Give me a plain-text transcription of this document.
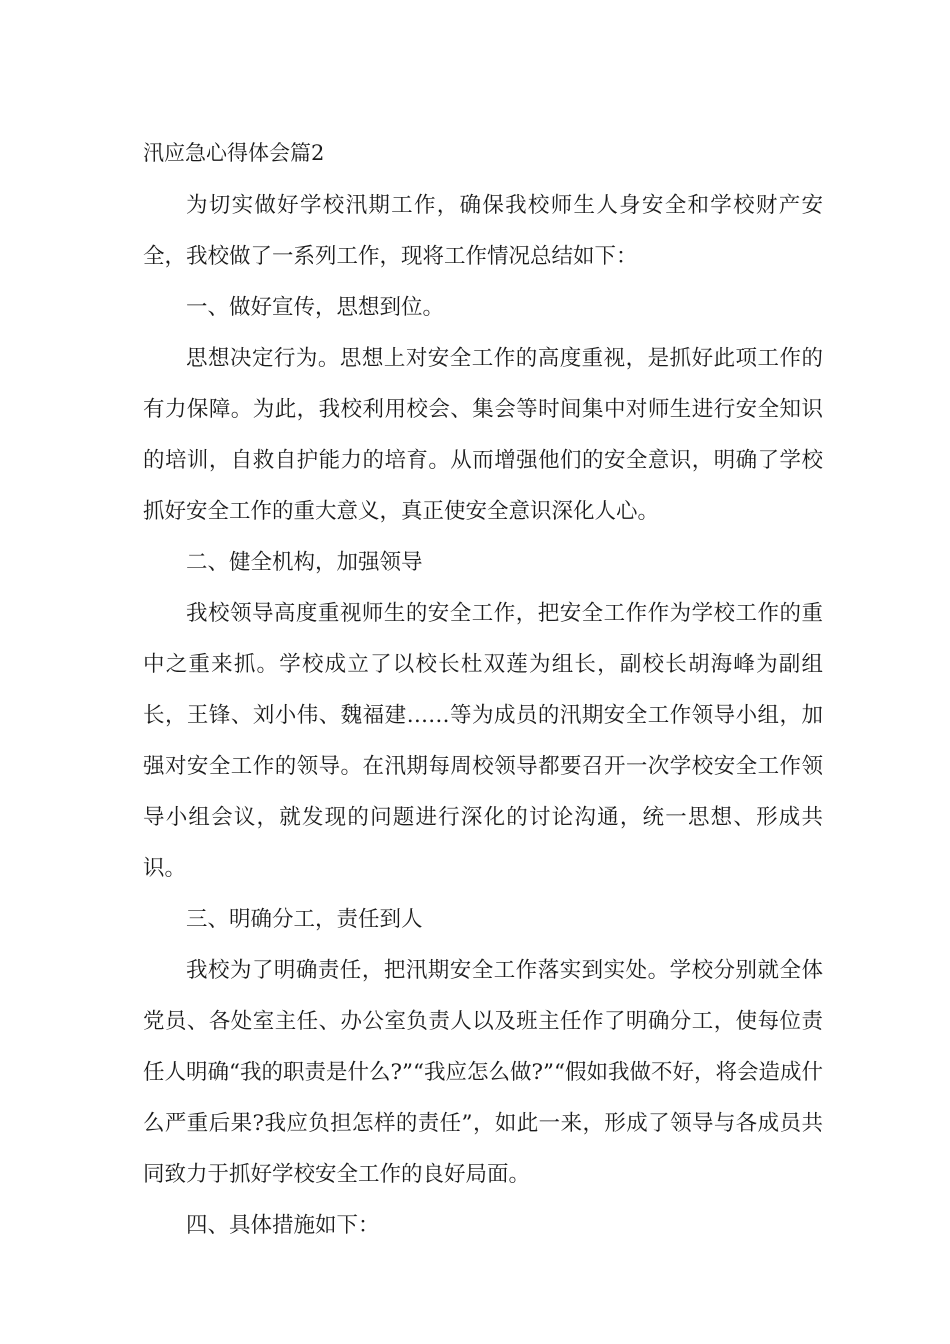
汛应急心得体会篇2

为切实做好学校汛期工作，确保我校师生人身安全和学校财产安全，我校做了一系列工作，现将工作情况总结如下：

一、做好宣传，思想到位。

思想决定行为。思想上对安全工作的高度重视，是抓好此项工作的有力保障。为此，我校利用校会、集会等时间集中对师生进行安全知识的培训，自救自护能力的培育。从而增强他们的安全意识，明确了学校抓好安全工作的重大意义，真正使安全意识深化人心。

二、健全机构，加强领导

我校领导高度重视师生的安全工作，把安全工作作为学校工作的重中之重来抓。学校成立了以校长杜双莲为组长，副校长胡海峰为副组长，王锋、刘小伟、魏福建……等为成员的汛期安全工作领导小组，加强对安全工作的领导。在汛期每周校领导都要召开一次学校安全工作领导小组会议，就发现的问题进行深化的讨论沟通，统一思想、形成共识。

三、明确分工，责任到人

我校为了明确责任，把汛期安全工作落实到实处。学校分别就全体党员、各处室主任、办公室负责人以及班主任作了明确分工，使每位责任人明确“我的职责是什么?”“我应怎么做?”“假如我做不好，将会造成什么严重后果?我应负担怎样的责任”，如此一来，形成了领导与各成员共同致力于抓好学校安全工作的良好局面。

四、具体措施如下：
